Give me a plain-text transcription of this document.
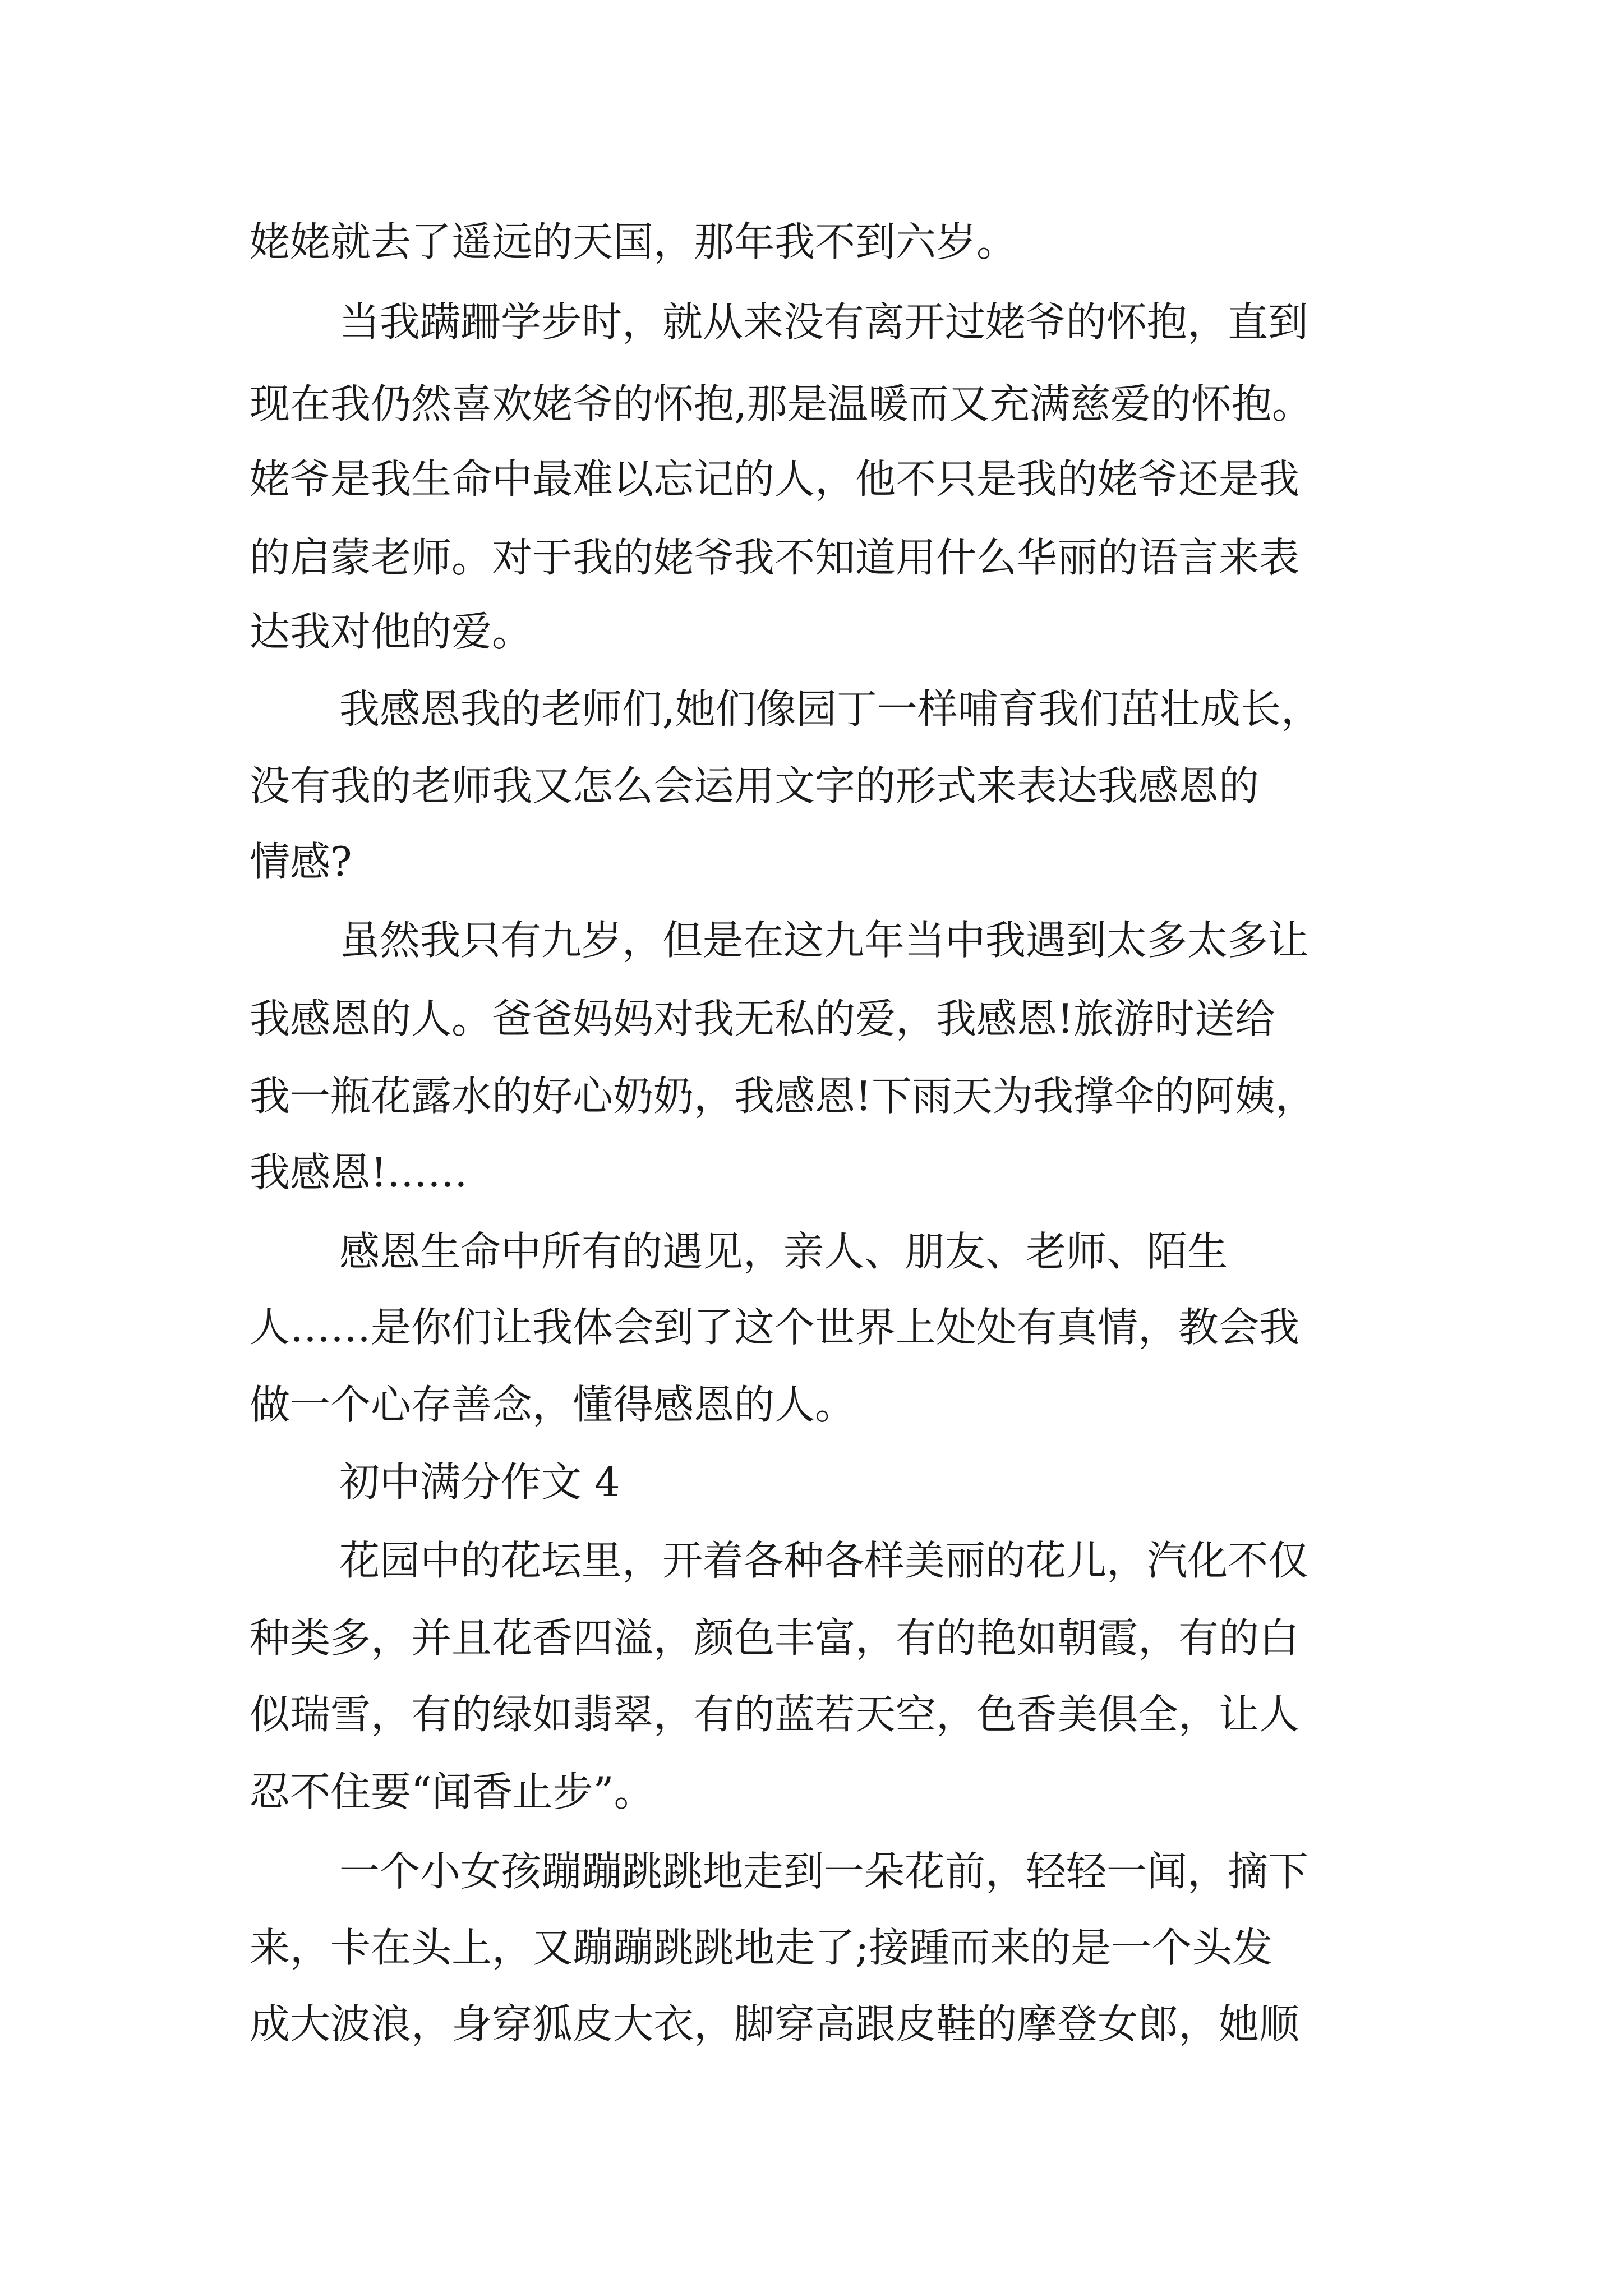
姥姥就去了遥远的天国，那年我不到六岁。

当我蹒跚学步时，就从来没有离开过姥爷的怀抱，直到

现在我仍然喜欢姥爷的怀抱,那是温暖而又充满慈爱的怀抱。

姥爷是我生命中最难以忘记的人，他不只是我的姥爷还是我

的启蒙老师。对于我的姥爷我不知道用什么华丽的语言来表

达我对他的爱。

我感恩我的老师们,她们像园丁一样哺育我们茁壮成长，

没有我的老师我又怎么会运用文字的形式来表达我感恩的

情感?

虽然我只有九岁，但是在这九年当中我遇到太多太多让

我感恩的人。爸爸妈妈对我无私的爱，我感恩!旅游时送给

我一瓶花露水的好心奶奶，我感恩!下雨天为我撑伞的阿姨，

我感恩!……

感恩生命中所有的遇见，亲人、朋友、老师、陌生

人……是你们让我体会到了这个世界上处处有真情，教会我

做一个心存善念，懂得感恩的人。

初中满分作文 4

花园中的花坛里，开着各种各样美丽的花儿，汽化不仅

种类多，并且花香四溢，颜色丰富，有的艳如朝霞，有的白

似瑞雪，有的绿如翡翠，有的蓝若天空，色香美俱全，让人

忍不住要“闻香止步”。

一个小女孩蹦蹦跳跳地走到一朵花前，轻轻一闻，摘下

来，卡在头上，又蹦蹦跳跳地走了;接踵而来的是一个头发

成大波浪，身穿狐皮大衣，脚穿高跟皮鞋的摩登女郎，她顺
